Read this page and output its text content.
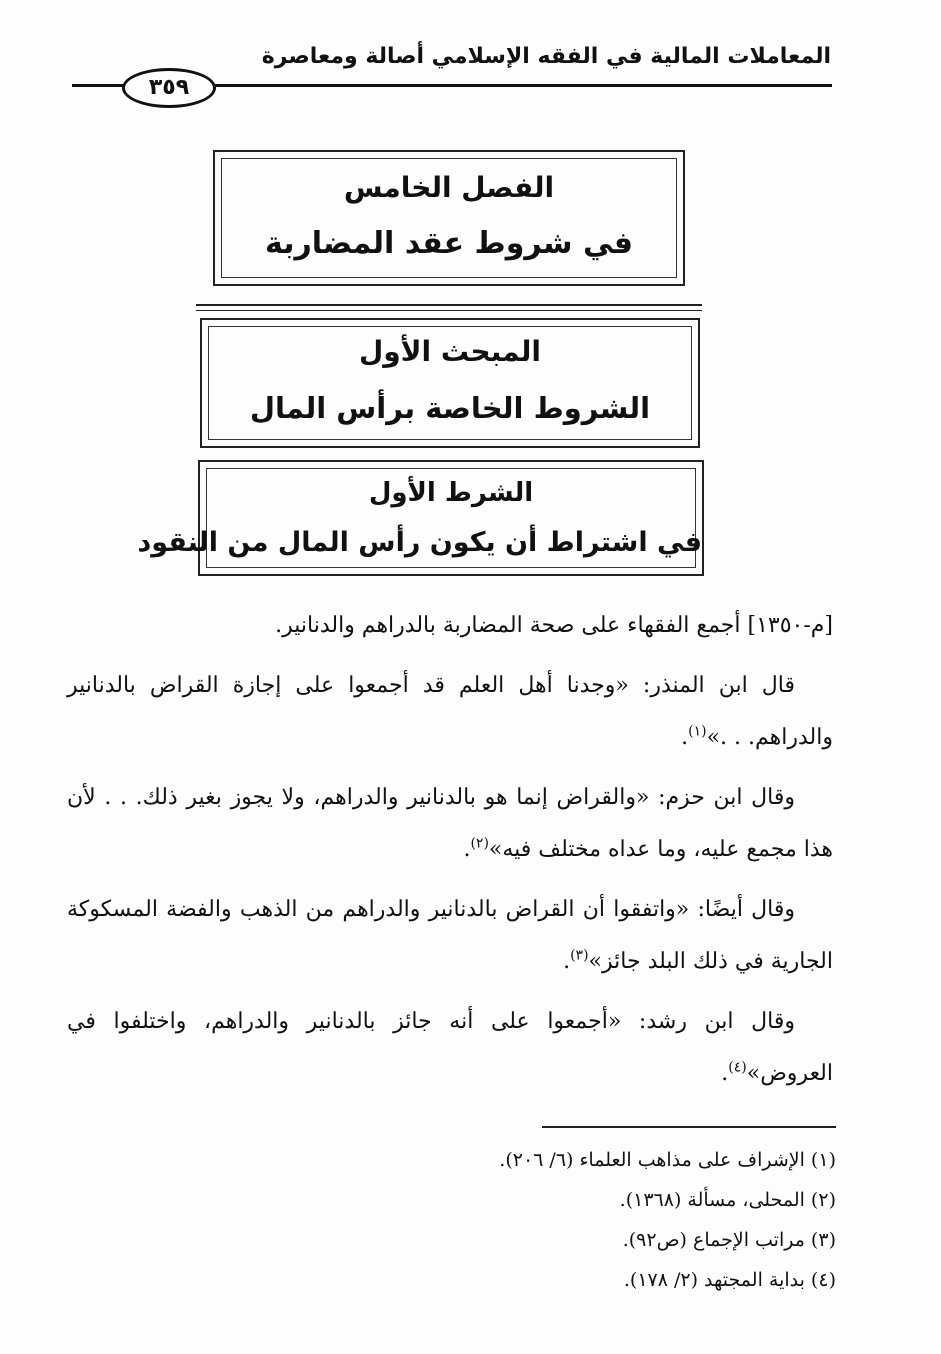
المعاملات المالية في الفقه الإسلامي أصالة ومعاصرة
٣٥٩
الفصل الخامس
في شروط عقد المضاربة
المبحث الأول
الشروط الخاصة برأس المال
الشرط الأول
في اشتراط أن يكون رأس المال من النقود
[م-١٣٥٠] أجمع الفقهاء على صحة المضاربة بالدراهم والدنانير.
قال ابن المنذر: «وجدنا أهل العلم قد أجمعوا على إجازة القراض بالدنانير والدراهم. . .»$^{(١)}$.
وقال ابن حزم: «والقراض إنما هو بالدنانير والدراهم، ولا يجوز بغير ذلك. . . لأن هذا مجمع عليه، وما عداه مختلف فيه»$^{(٢)}$.
وقال أيضًا: «واتفقوا أن القراض بالدنانير والدراهم من الذهب والفضة المسكوكة الجارية في ذلك البلد جائز»$^{(٣)}$.
وقال ابن رشد: «أجمعوا على أنه جائز بالدنانير والدراهم، واختلفوا في العروض»$^{(٤)}$.
(١) الإشراف على مذاهب العلماء (٦/ ٢٠٦).
(٢) المحلى، مسألة (١٣٦٨).
(٣) مراتب الإجماع (ص٩٢).
(٤) بداية المجتهد (٢/ ١٧٨).
